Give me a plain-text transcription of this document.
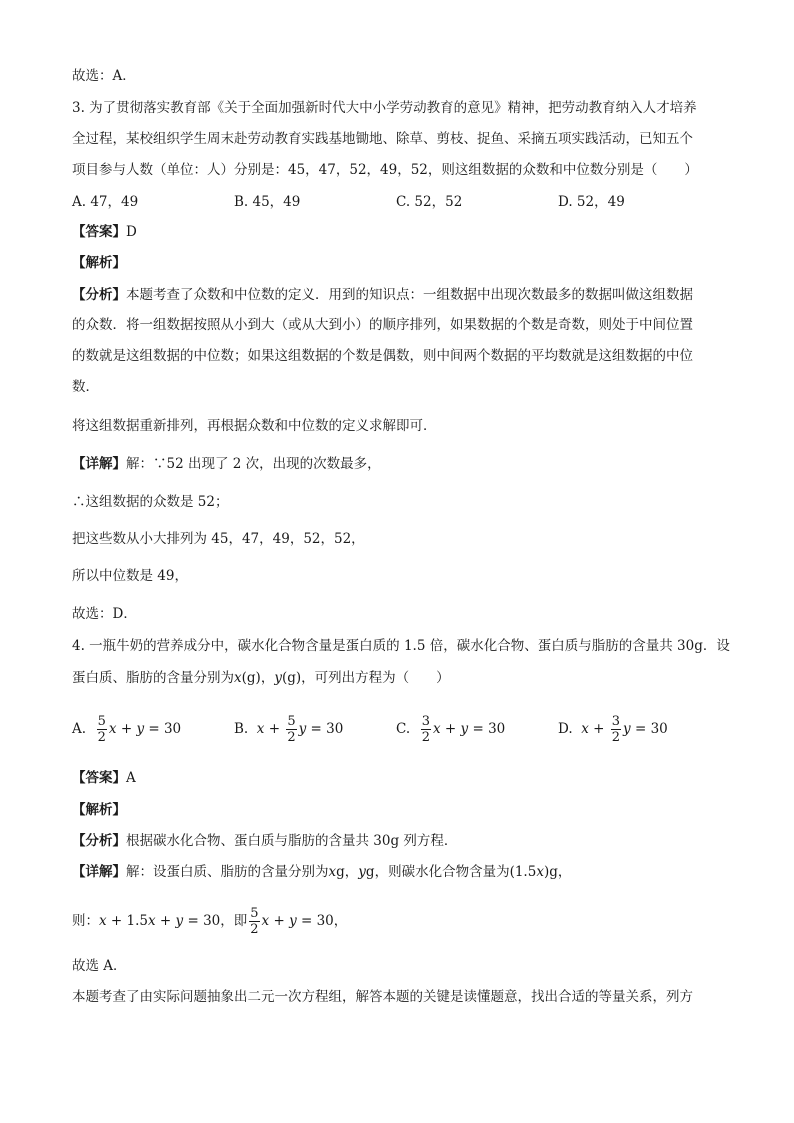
故选：A．
3. 为了贯彻落实教育部《关于全面加强新时代大中小学劳动教育的意见》精神，把劳动教育纳入人才培养
全过程，某校组织学生周末赴劳动教育实践基地锄地、除草、剪枝、捉鱼、采摘五项实践活动，已知五个
项目参与人数（单位：人）分别是：45，47，52，49，52，则这组数据的众数和中位数分别是（　　）
A. 47，49	B. 45，49	C. 52，52	D. 52，49
【答案】D
【解析】
【分析】本题考查了众数和中位数的定义．用到的知识点：一组数据中出现次数最多的数据叫做这组数据
的众数．将一组数据按照从小到大（或从大到小）的顺序排列，如果数据的个数是奇数，则处于中间位置
的数就是这组数据的中位数；如果这组数据的个数是偶数，则中间两个数据的平均数就是这组数据的中位
数．
将这组数据重新排列，再根据众数和中位数的定义求解即可．
【详解】解：∵52 出现了 2 次，出现的次数最多，
∴这组数据的众数是 52；
把这些数从小大排列为 45，47，49，52，52，
所以中位数是 49，
故选：D．
4. 一瓶牛奶的营养成分中，碳水化合物含量是蛋白质的 1.5 倍，碳水化合物、蛋白质与脂肪的含量共 30g．设
蛋白质、脂肪的含量分别为x(g)，y(g)，可列出方程为（　　）
A. $\frac{5}{2}$ x + y = 30	B.  $x + \frac{5}{2}$ y = 30	C. $\frac{3}{2}$ x + y = 30	D.  $x + \frac{3}{2}$ y = 30
【答案】A
【解析】
【分析】根据碳水化合物、蛋白质与脂肪的含量共 30g 列方程．
【详解】解：设蛋白质、脂肪的含量分别为xg，yg，则碳水化合物含量为(1.5x)g，
则：x + 1.5x + y = 30，即 $\frac{5}{2}$ x + y = 30，
故选 A．
本题考查了由实际问题抽象出二元一次方程组，解答本题的关键是读懂题意，找出合适的等量关系，列方
